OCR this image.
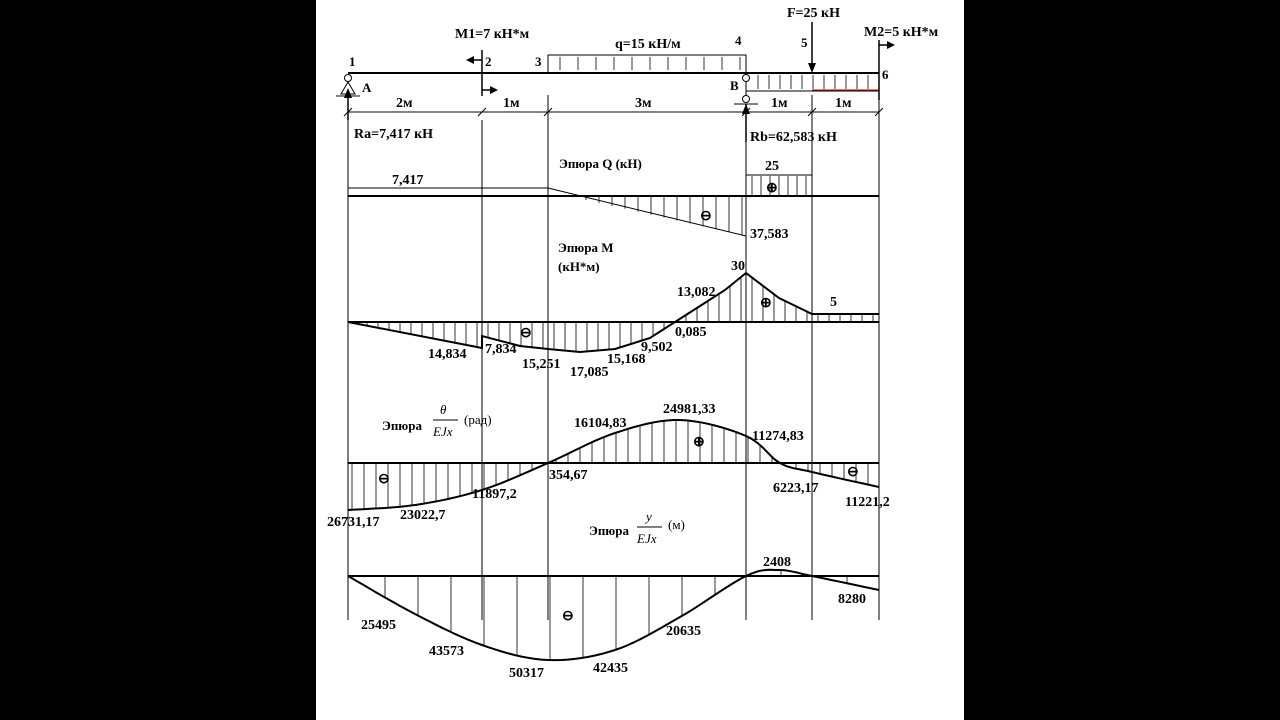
1	2	3
4	5
6
A	B
M1=7 кН*м
q=15 кН/м
F=25 кН
M2=5 кН*м
2м	1м	3м	1м	1м
Ra=7,417 кН	Rb=62,583 кН
Эпюра Q (кН)
7,417
25
37,583
⊕
⊖
Эпюра M
(кН*м)
14,834 7,834
15,251
17,085
15,168
9,502
0,085
13,082
30
5
⊕
⊖
Эпюра
θ
EJx
(рад)
26731,17 23022,7
11897,2
354,67
16104,83
24981,33
11274,83
6223,17
11221,2
⊕
⊖	⊖
Эпюра
y
EJx
(м)
25495
43573
50317	42435
20635
2408
8280
⊖
